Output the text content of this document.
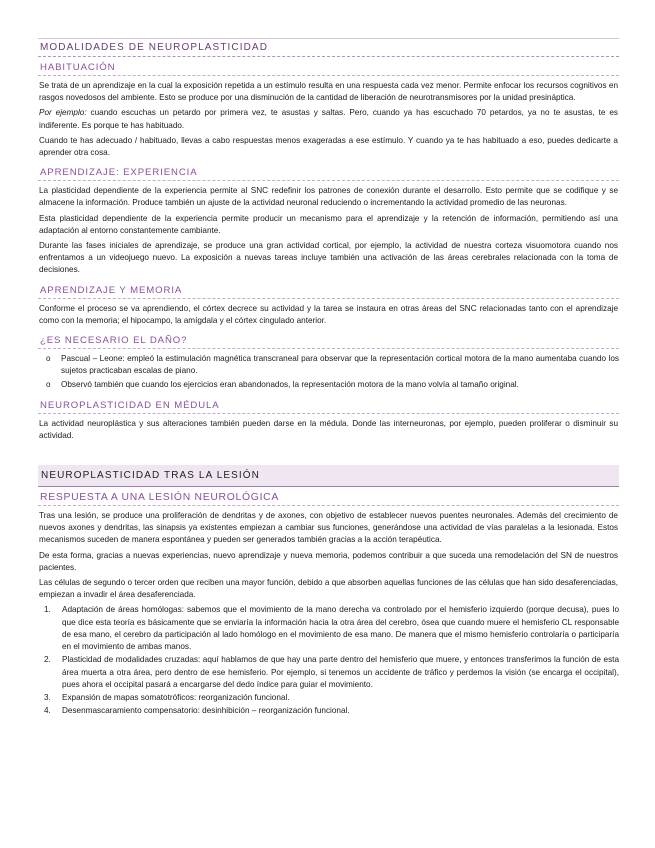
MODALIDADES DE NEUROPLASTICIDAD
HABITUACIÓN

Se trata de un aprendizaje en la cual la exposición repetida a un estímulo resulta en una respuesta cada vez menor. Permite enfocar los recursos cognitivos en rasgos novedosos del ambiente. Esto se produce por una disminución de la cantidad de liberación de neurotransmisores por la unidad presináptica.

Por ejemplo: cuando escuchas un petardo por primera vez, te asustas y saltas. Pero, cuando ya has escuchado 70 petardos, ya no te asustas, te es indiferente. Es porque te has habituado.

Cuando te has adecuado / habituado, llevas a cabo respuestas menos exageradas a ese estímulo. Y cuando ya te has habituado a eso, puedes dedicarte a aprender otra cosa.

APRENDIZAJE: EXPERIENCIA

La plasticidad dependiente de la experiencia permite al SNC redefinir los patrones de conexión durante el desarrollo. Esto permite que se codifique y se almacene la información. Produce también un ajuste de la actividad neuronal reduciendo o incrementando la actividad promedio de las neuronas.

Esta plasticidad dependiente de la experiencia permite producir un mecanismo para el aprendizaje y la retención de información, permitiendo así una adaptación al entorno constantemente cambiante.

Durante las fases iniciales de aprendizaje, se produce una gran actividad cortical, por ejemplo, la actividad de nuestra corteza visuomotora cuando nos enfrentamos a un videojuego nuevo. La exposición a nuevas tareas incluye también una activación de las áreas cerebrales relacionada con la toma de decisiones.

APRENDIZAJE Y MEMORIA

Conforme el proceso se va aprendiendo, el córtex decrece su actividad y la tarea se instaura en otras áreas del SNC relacionadas tanto con el aprendizaje como con la memoria; el hipocampo, la amígdala y el córtex cingulado anterior.

¿ES NECESARIO EL DAÑO?
o Pascual – Leone: empleó la estimulación magnética transcraneal para observar que la representación cortical motora de la mano aumentaba cuando los sujetos practicaban escalas de piano.
o Observó también que cuando los ejercicios eran abandonados, la representación motora de la mano volvía al tamaño original.
NEUROPLASTICIDAD EN MÉDULA

La actividad neuroplástica y sus alteraciones también pueden darse en la médula. Donde las interneuronas, por ejemplo, pueden proliferar o disminuir su actividad.

NEUROPLASTICIDAD TRAS LA LESIÓN
RESPUESTA A UNA LESIÓN NEUROLÓGICA

Tras una lesión, se produce una proliferación de dendritas y de axones, con objetivo de establecer nuevos puentes neuronales. Además del crecimiento de nuevos axones y dendritas, las sinapsis ya existentes empiezan a cambiar sus funciones, generándose una actividad de vías paralelas a la lesionada. Estos mecanismos suceden de manera espontánea y pueden ser generados también gracias a la acción terapéutica.

De esta forma, gracias a nuevas experiencias, nuevo aprendizaje y nueva memoria, podemos contribuir a que suceda una remodelación del SN de nuestros pacientes.

Las células de segundo o tercer orden que reciben una mayor función, debido a que absorben aquellas funciones de las células que han sido desaferenciadas, empiezan a invadir el área desaferenciada.

1. Adaptación de áreas homólogas: sabemos que el movimiento de la mano derecha va controlado por el hemisferio izquierdo (porque decusa), pues lo que dice esta teoría es básicamente que se enviaría la información hacia la otra área del cerebro, ósea que cuando muere el hemisferio CL responsable de esa mano, el cerebro da participación al lado homólogo en el movimiento de esa mano. De manera que el mismo hemisferio controlaría o participaría en el movimiento de ambas manos.
2. Plasticidad de modalidades cruzadas: aquí hablamos de que hay una parte dentro del hemisferio que muere, y entonces transferimos la función de esta área muerta a otra área, pero dentro de ese hemisferio. Por ejemplo, si tenemos un accidente de tráfico y perdemos la visión (se encarga el occipital), pues ahora el occipital pasará a encargarse del dedo índice para guiar el movimiento.
3. Expansión de mapas somatotróficos: reorganización funcional.
4. Desenmascaramiento compensatorio: desinhibición – reorganización funcional.
